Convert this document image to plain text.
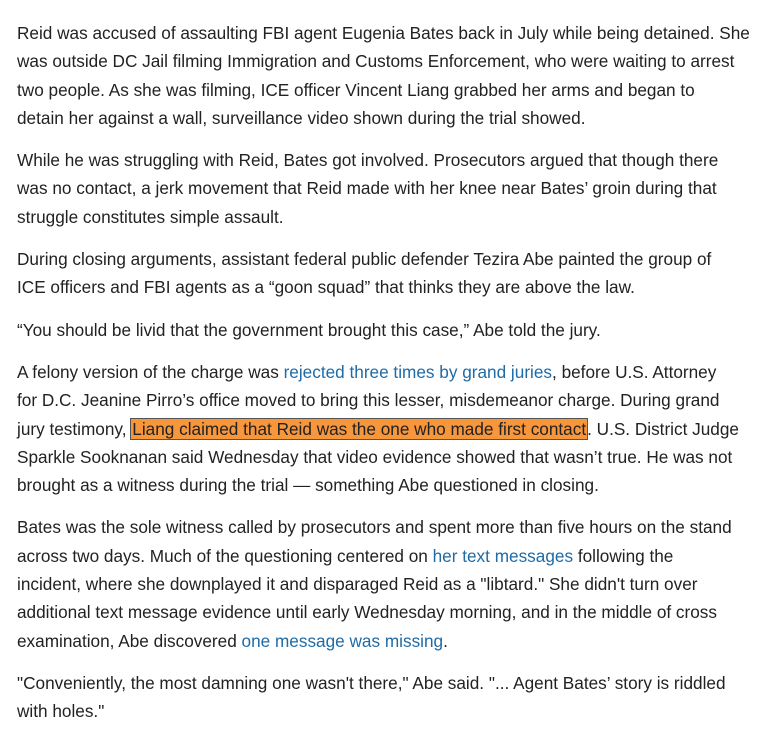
Reid was accused of assaulting FBI agent Eugenia Bates back in July while being detained. She
was outside DC Jail filming Immigration and Customs Enforcement, who were waiting to arrest
two people. As she was filming, ICE officer Vincent Liang grabbed her arms and began to
detain her against a wall, surveillance video shown during the trial showed.
While he was struggling with Reid, Bates got involved. Prosecutors argued that though there
was no contact, a jerk movement that Reid made with her knee near Bates’ groin during that
struggle constitutes simple assault.
During closing arguments, assistant federal public defender Tezira Abe painted the group of
ICE officers and FBI agents as a “goon squad” that thinks they are above the law.
“You should be livid that the government brought this case,” Abe told the jury.
A felony version of the charge was rejected three times by grand juries, before U.S. Attorney
for D.C. Jeanine Pirro’s office moved to bring this lesser, misdemeanor charge. During grand
jury testimony, Liang claimed that Reid was the one who made first contact. U.S. District Judge
Sparkle Sooknanan said Wednesday that video evidence showed that wasn’t true. He was not
brought as a witness during the trial — something Abe questioned in closing.
Bates was the sole witness called by prosecutors and spent more than five hours on the stand
across two days. Much of the questioning centered on her text messages following the
incident, where she downplayed it and disparaged Reid as a "libtard." She didn't turn over
additional text message evidence until early Wednesday morning, and in the middle of cross
examination, Abe discovered one message was missing.
"Conveniently, the most damning one wasn't there," Abe said. "... Agent Bates’ story is riddled
with holes."
